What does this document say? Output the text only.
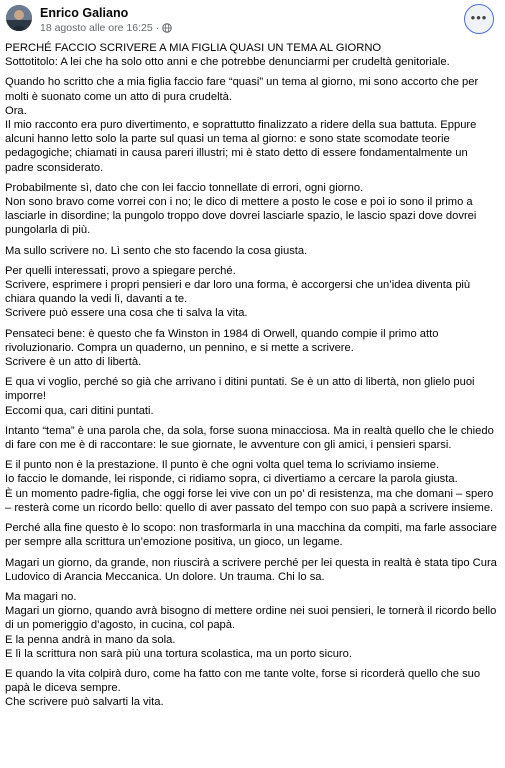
Enrico Galiano
18 agosto alle ore 16:25 ·
•••
PERCHÉ FACCIO SCRIVERE A MIA FIGLIA QUASI UN TEMA AL GIORNO
Sottotitolo: A lei che ha solo otto anni e che potrebbe denunciarmi per crudeltà genitoriale.
Quando ho scritto che a mia figlia faccio fare “quasi” un tema al giorno, mi sono accorto che per molti è suonato come un atto di pura crudeltà.
Ora.
Il mio racconto era puro divertimento, e soprattutto finalizzato a ridere della sua battuta. Eppure alcuni hanno letto solo la parte sul quasi un tema al giorno: e sono state scomodate teorie pedagogiche; chiamati in causa pareri illustri; mi è stato detto di essere fondamentalmente un padre sconsiderato.
Probabilmente sì, dato che con lei faccio tonnellate di errori, ogni giorno.
Non sono bravo come vorrei con i no; le dico di mettere a posto le cose e poi io sono il primo a lasciarle in disordine; la pungolo troppo dove dovrei lasciarle spazio, le lascio spazi dove dovrei pungolarla di più.
Ma sullo scrivere no. Lì sento che sto facendo la cosa giusta.
Per quelli interessati, provo a spiegare perché.
Scrivere, esprimere i propri pensieri e dar loro una forma, è accorgersi che un’idea diventa più chiara quando la vedi lì, davanti a te.
Scrivere può essere una cosa che ti salva la vita.
Pensateci bene: è questo che fa Winston in 1984 di Orwell, quando compie il primo atto rivoluzionario. Compra un quaderno, un pennino, e si mette a scrivere.
Scrivere è un atto di libertà.
E qua vi voglio, perché so già che arrivano i ditini puntati. Se è un atto di libertà, non glielo puoi imporre!
Eccomi qua, cari ditini puntati.
Intanto “tema” è una parola che, da sola, forse suona minacciosa. Ma in realtà quello che le chiedo di fare con me è di raccontare: le sue giornate, le avventure con gli amici, i pensieri sparsi.
E il punto non è la prestazione. Il punto è che ogni volta quel tema lo scriviamo insieme.
Io faccio le domande, lei risponde, ci ridiamo sopra, ci divertiamo a cercare la parola giusta.
È un momento padre-figlia, che oggi forse lei vive con un po’ di resistenza, ma che domani – spero – resterà come un ricordo bello: quello di aver passato del tempo con suo papà a scrivere insieme.
Perché alla fine questo è lo scopo: non trasformarla in una macchina da compiti, ma farle associare per sempre alla scrittura un’emozione positiva, un gioco, un legame.
Magari un giorno, da grande, non riuscirà a scrivere perché per lei questa in realtà è stata tipo Cura Ludovico di Arancia Meccanica. Un dolore. Un trauma. Chi lo sa.
Ma magari no.
Magari un giorno, quando avrà bisogno di mettere ordine nei suoi pensieri, le tornerà il ricordo bello di un pomeriggio d’agosto, in cucina, col papà.
E la penna andrà in mano da sola.
E lì la scrittura non sarà più una tortura scolastica, ma un porto sicuro.
E quando la vita colpirà duro, come ha fatto con me tante volte, forse si ricorderà quello che suo papà le diceva sempre.
Che scrivere può salvarti la vita.
